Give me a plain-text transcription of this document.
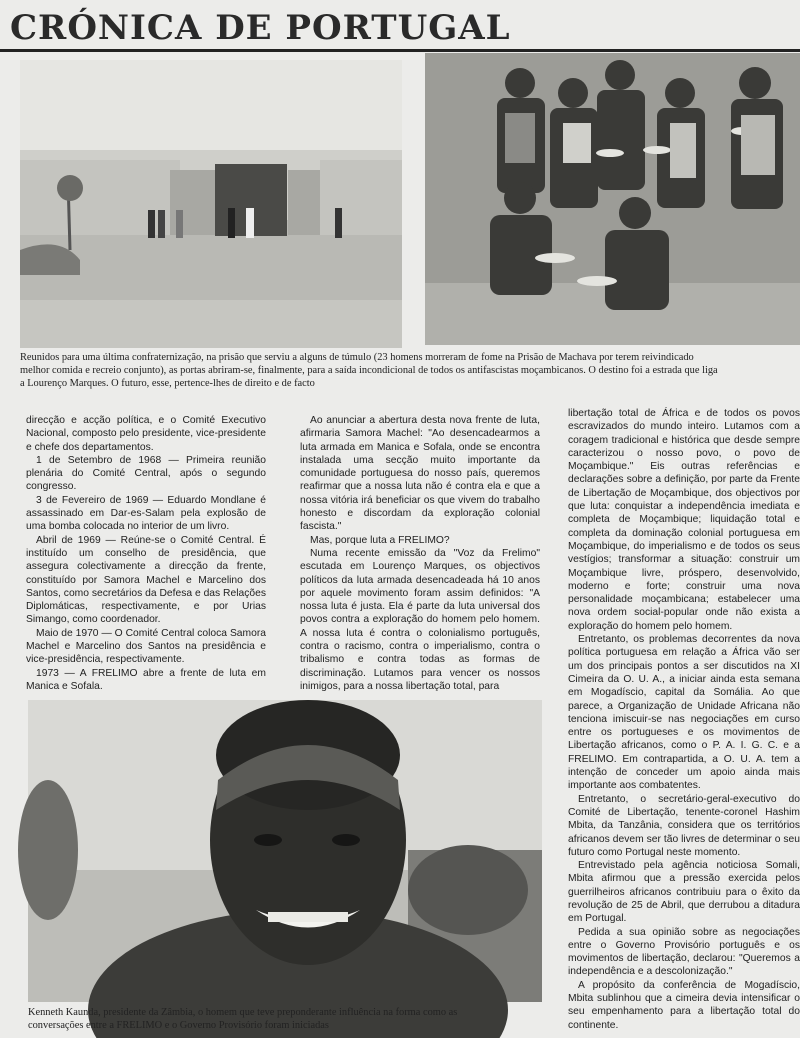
CRÓNICA DE PORTUGAL
Reunidos para uma última confraternização, na prisão que serviu a alguns de túmulo (23 homens morreram de fome na Prisão de Machava por terem reivindicado
melhor comida e recreio conjunto), as portas abriram-se, finalmente, para a saída incondicional de todos os antifascistas moçambicanos. O destino foi a estrada que liga
a Lourenço Marques. O futuro, esse, pertence-lhes de direito e de facto

direcção e acção política, e o Comité Executivo Nacional, composto pelo presidente, vice-presidente e chefe dos departamentos.

1 de Setembro de 1968 — Primeira reunião plenária do Comité Central, após o segundo congresso.

3 de Fevereiro de 1969 — Eduardo Mondlane é assassinado em Dar-es-Salam pela explosão de uma bomba colocada no interior de um livro.

Abril de 1969 — Reúne-se o Comité Central. É instituído um conselho de presidência, que assegura colectivamente a direcção da frente, constituído por Samora Machel e Marcelino dos Santos, como secretários da Defesa e das Relações Diplomáticas, respectivamente, e por Urias Simango, como coordenador.

Maio de 1970 — O Comité Central coloca Samora Machel e Marcelino dos Santos na presidência e vice-presidência, respectivamente.

1973 — A FRELIMO abre a frente de luta em Manica e Sofala.

Ao anunciar a abertura desta nova frente de luta, afirmaria Samora Machel: "Ao desencadearmos a luta armada em Manica e Sofala, onde se encontra instalada uma secção muito importante da comunidade portuguesa do nosso país, queremos reafirmar que a nossa luta não é contra ela e que a nossa vitória irá beneficiar os que vivem do trabalho honesto e discordam da exploração colonial fascista."

Mas, porque luta a FRELIMO?

Numa recente emissão da "Voz da Frelimo" escutada em Lourenço Marques, os objectivos políticos da luta armada desencadeada há 10 anos por aquele movimento foram assim definidos: "A nossa luta é justa. Ela é parte da luta universal dos povos contra a exploração do homem pelo homem. A nossa luta é contra o colonialismo português, contra o racismo, contra o imperialismo, contra o tribalismo e contra todas as formas de discriminação. Lutamos para vencer os nossos inimigos, para a nossa libertação total, para

libertação total de África e de todos os povos escravizados do mundo inteiro. Lutamos com a coragem tradicional e histórica que desde sempre caracterizou o nosso povo, o povo de Moçambique." Eis outras referências e declarações sobre a definição, por parte da Frente de Libertação de Moçambique, dos objectivos por que luta: conquistar a independência imediata e completa de Moçambique; liquidação total e completa da dominação colonial portuguesa em Moçambique, do imperialismo e de todos os seus vestígios; transformar a situação: construir um Moçambique livre, próspero, desenvolvido, moderno e forte; construir uma nova personalidade moçambicana; estabelecer uma nova ordem social-popular onde não exista a exploração do homem pelo homem.

Entretanto, os problemas decorrentes da nova política portuguesa em relação a África vão ser um dos principais pontos a ser discutidos na XI Cimeira da O. U. A., a iniciar ainda esta semana em Mogadíscio, capital da Somália. Ao que parece, a Organização de Unidade Africana não tenciona imiscuir-se nas negociações em curso entre os portugueses e os movimentos de Libertação africanos, como o P. A. I. G. C. e a FRELIMO. Em contrapartida, a O. U. A. tem a intenção de conceder um apoio ainda mais importante aos combatentes.

Entretanto, o secretário-geral-executivo do Comité de Libertação, tenente-coronel Hashim Mbita, da Tanzânia, considera que os territórios africanos devem ser tão livres de determinar o seu futuro como Portugal neste momento.

Entrevistado pela agência noticiosa Somali, Mbita afirmou que a pressão exercida pelos guerrilheiros africanos contribuiu para o êxito da revolução de 25 de Abril, que derrubou a ditadura em Portugal.

Pedida a sua opinião sobre as negociações entre o Governo Provisório português e os movimentos de libertação, declarou: "Queremos a independência e a descolonização."

A propósito da conferência de Mogadíscio, Mbita sublinhou que a cimeira devia intensificar o seu empenhamento para a libertação total do continente.

Kenneth Kaunda, presidente da Zâmbia, o homem que teve preponderante influência na forma como as
conversações entre a FRELIMO e o Governo Provisório foram iniciadas
